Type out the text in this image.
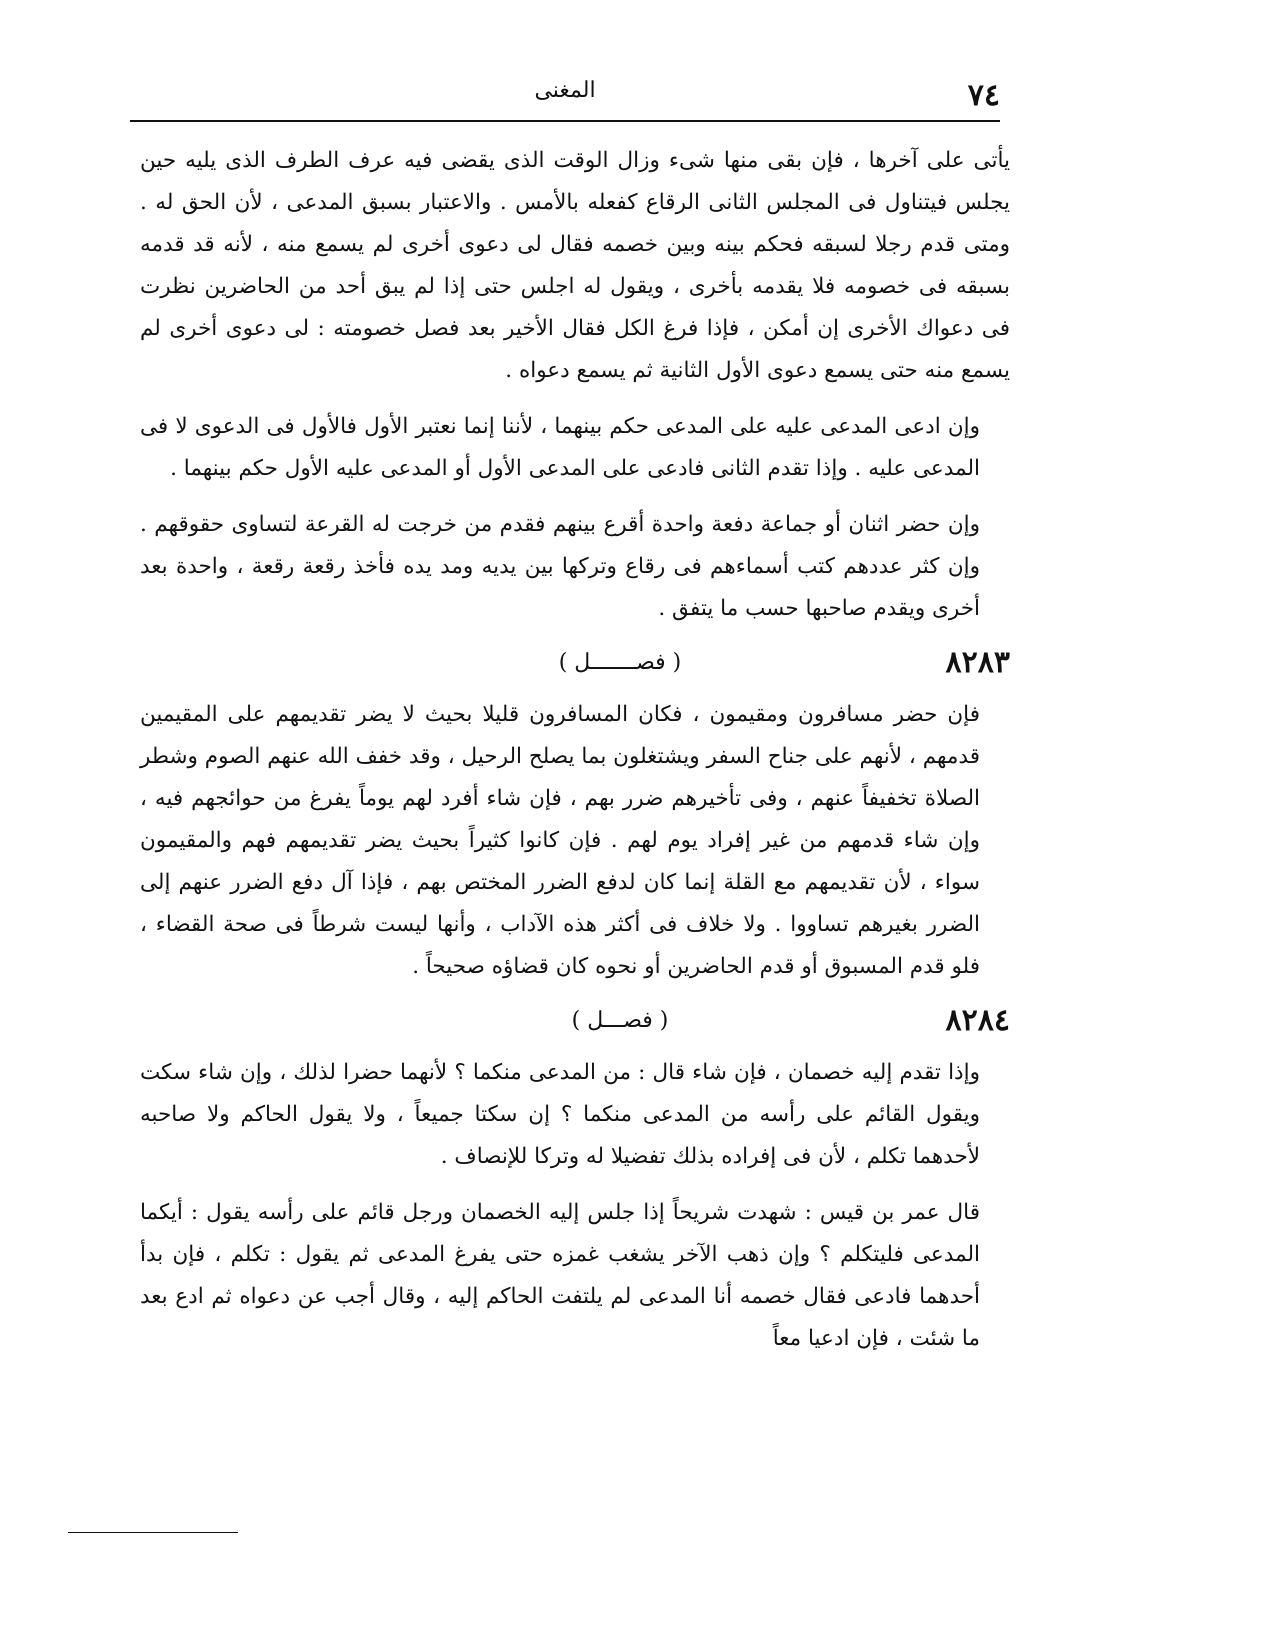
٧٤
المغنى

يأتى على آخرها ، فإن بقى منها شىء وزال الوقت الذى يقضى فيه عرف الطرف الذى يليه حين يجلس فيتناول فى المجلس الثانى الرقاع كفعله بالأمس . والاعتبار بسبق المدعى ، لأن الحق له . ومتى قدم رجلا لسبقه فحكم بينه وبين خصمه فقال لى دعوى أخرى لم يسمع منه ، لأنه قد قدمه بسبقه فى خصومه فلا يقدمه بأخرى ، ويقول له اجلس حتى إذا لم يبق أحد من الحاضرين نظرت فى دعواك الأخرى إن أمكن ، فإذا فرغ الكل فقال الأخير بعد فصل خصومته : لى دعوى أخرى لم يسمع منه حتى يسمع دعوى الأول الثانية ثم يسمع دعواه .

وإن ادعى المدعى عليه على المدعى حكم بينهما ، لأننا إنما نعتبر الأول فالأول فى الدعوى لا فى المدعى عليه . وإذا تقدم الثانى فادعى على المدعى الأول أو المدعى عليه الأول حكم بينهما .

وإن حضر اثنان أو جماعة دفعة واحدة أقرع بينهم فقدم من خرجت له القرعة لتساوى حقوقهم . وإن كثر عددهم كتب أسماءهم فى رقاع وتركها بين يديه ومد يده فأخذ رقعة رقعة ، واحدة بعد أخرى ويقدم صاحبها حسب ما يتفق .

٨٢٨٣
( فصـــــــل )

فإن حضر مسافرون ومقيمون ، فكان المسافرون قليلا بحيث لا يضر تقديمهم على المقيمين قدمهم ، لأنهم على جناح السفر ويشتغلون بما يصلح الرحيل ، وقد خفف الله عنهم الصوم وشطر الصلاة تخفيفاً عنهم ، وفى تأخيرهم ضرر بهم ، فإن شاء أفرد لهم يوماً يفرغ من حوائجهم فيه ، وإن شاء قدمهم من غير إفراد يوم لهم . فإن كانوا كثيراً بحيث يضر تقديمهم فهم والمقيمون سواء ، لأن تقديمهم مع القلة إنما كان لدفع الضرر المختص بهم ، فإذا آل دفع الضرر عنهم إلى الضرر بغيرهم تساووا . ولا خلاف فى أكثر هذه الآداب ، وأنها ليست شرطاً فى صحة القضاء ، فلو قدم المسبوق أو قدم الحاضرين أو نحوه كان قضاؤه صحيحاً .

٨٢٨٤
( فصـــل )

وإذا تقدم إليه خصمان ، فإن شاء قال : من المدعى منكما ؟ لأنهما حضرا لذلك ، وإن شاء سكت ويقول القائم على رأسه من المدعى منكما ؟ إن سكتا جميعاً ، ولا يقول الحاكم ولا صاحبه لأحدهما تكلم ، لأن فى إفراده بذلك تفضيلا له وتركا للإنصاف .

قال عمر بن قيس : شهدت شريحاً إذا جلس إليه الخصمان ورجل قائم على رأسه يقول : أيكما المدعى فليتكلم ؟ وإن ذهب الآخر يشغب غمزه حتى يفرغ المدعى ثم يقول : تكلم ، فإن بدأ أحدهما فادعى فقال خصمه أنا المدعى لم يلتفت الحاكم إليه ، وقال أجب عن دعواه ثم ادع بعد ما شئت ، فإن ادعيا معاً
